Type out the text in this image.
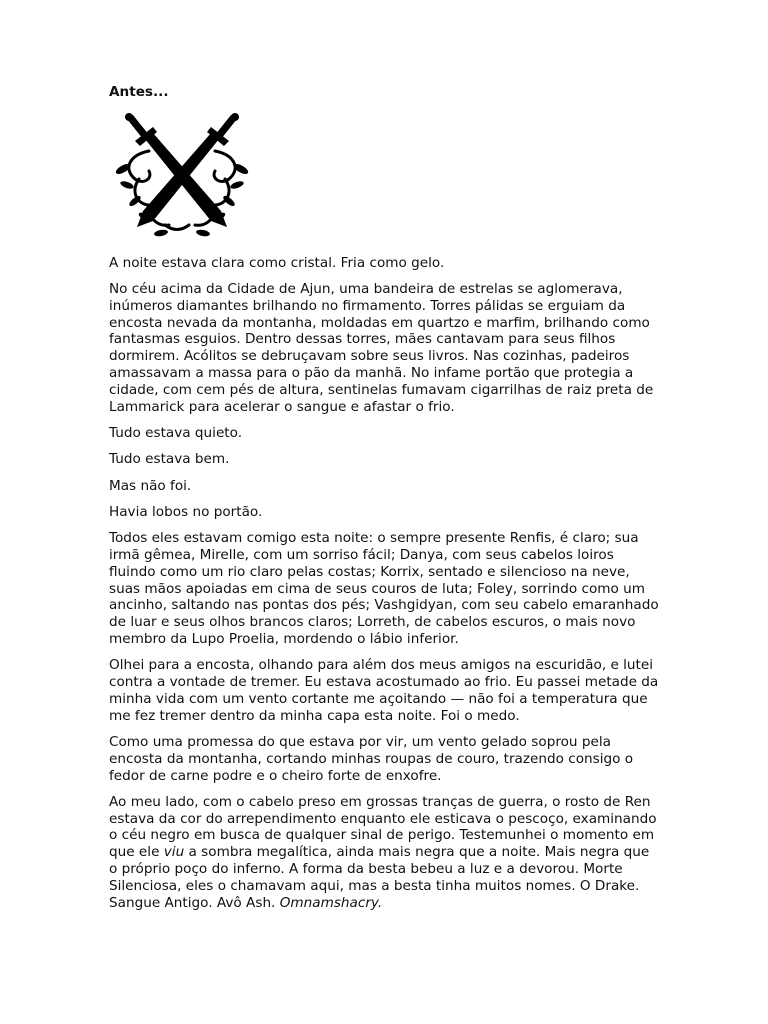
Antes...

A noite estava clara como cristal. Fria como gelo.

No céu acima da Cidade de Ajun, uma bandeira de estrelas se aglomerava, inúmeros diamantes brilhando no firmamento. Torres pálidas se erguiam da encosta nevada da montanha, moldadas em quartzo e marfim, brilhando como fantasmas esguios. Dentro dessas torres, mães cantavam para seus filhos dormirem. Acólitos se debruçavam sobre seus livros. Nas cozinhas, padeiros amassavam a massa para o pão da manhã. No infame portão que protegia a cidade, com cem pés de altura, sentinelas fumavam cigarrilhas de raiz preta de Lammarick para acelerar o sangue e afastar o frio.

Tudo estava quieto.

Tudo estava bem.

Mas não foi.

Havia lobos no portão.

Todos eles estavam comigo esta noite: o sempre presente Renfis, é claro; sua irmã gêmea, Mirelle, com um sorriso fácil; Danya, com seus cabelos loiros fluindo como um rio claro pelas costas; Korrix, sentado e silencioso na neve, suas mãos apoiadas em cima de seus couros de luta; Foley, sorrindo como um ancinho, saltando nas pontas dos pés; Vashgidyan, com seu cabelo emaranhado de luar e seus olhos brancos claros; Lorreth, de cabelos escuros, o mais novo membro da Lupo Proelia, mordendo o lábio inferior.

Olhei para a encosta, olhando para além dos meus amigos na escuridão, e lutei contra a vontade de tremer. Eu estava acostumado ao frio. Eu passei metade da minha vida com um vento cortante me açoitando — não foi a temperatura que me fez tremer dentro da minha capa esta noite. Foi o medo.

Como uma promessa do que estava por vir, um vento gelado soprou pela encosta da montanha, cortando minhas roupas de couro, trazendo consigo o fedor de carne podre e o cheiro forte de enxofre.

Ao meu lado, com o cabelo preso em grossas tranças de guerra, o rosto de Ren estava da cor do arrependimento enquanto ele esticava o pescoço, examinando o céu negro em busca de qualquer sinal de perigo. Testemunhei o momento em que ele viu a sombra megalítica, ainda mais negra que a noite. Mais negra que o próprio poço do inferno. A forma da besta bebeu a luz e a devorou. Morte Silenciosa, eles o chamavam aqui, mas a besta tinha muitos nomes. O Drake. Sangue Antigo. Avô Ash. Omnamshacry.
